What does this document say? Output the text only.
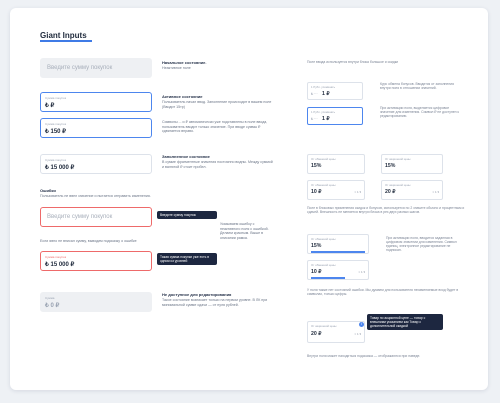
Giant Inputs
Введите сумму покупок
Начальное состояние.
Неактивное поле
Сумма покупок
₺ ₽
Сумма покупок
₺ 150 ₽
Активное состояние
Пользователь начал ввод. Заполнение происходит в вашем поле (Вводит 15тр)
Символы ... и ₽ автоматически уже подставлены в поле ввода, пользователь вводит только значение. При вводе суммы ₽ сдвигается вправо.
Сумма покупок
₺ 15 000 ₽
Заполненное состояние
В сумме фрагментные значения постоянно видны. Между суммой и валютой ₽ стоит пробел.
Ошибки
Пользователь не ввел значение и пытается отправить изменения.
Введите сумму покупок	Введите сумму покупок
Указываем ошибку с неактивного поля с ошибкой. Делаем красным. Выше в описании рамка.
Если явно не вписал сумму, выводим подсказку о ошибке
Сумма покупок
₺ 15 000 ₽
Такая сумма покупки уже есть в одном из уровней
Сумма
₺ 0 ₽
Не доступное для редактирования
Такое состояние возникает только на первом уровне. В ЛК при минимальной сумме сдачи — от нуля рублей.
Поле ввода используется внутри блока большое и скидки
1 Рубл. упоминать
₺ ⋯ 1 ₽
1 Рубл. упоминать
₺ ⋯ 1 ₽
Курс обмена бонусов. Вводится от заполнения внутри поля в отношении значений.
При активации поля, выделяется цифровое значение для изменения. Символ ₽ не доступен к редактированию.
От обменной цены
15%
От акционной цены
15%
От обменной цены
10 ₽	≈ 1 ▾
От акционной цены
20 ₽	≈ 1 ▾
Поле в блоковых применения скидок и бонусов, используется по 2 значите обычно и процентным и сдачей. Внешность не меняется внутри блока в рез двух разных шагов.
От обменной цены
15%
От обменной цены
10 ₽	≈ 1 ▾
При активации поля, вводится заданная в цифровом значении для изменения. Символ единиц, электронное редактирование не подписан.
У поля также нет состояний ошибки. Мы думаем для пользователя неизменяемые вход будет в символах, только цифры.
От акционной цены
20 ₽	≈ 1 ▾
i
Товар по акционной цене — товар с внешними указанием как Товар с дополнительной скидкой
Внутри поля может находиться подсказка — отображаются при наведе.
